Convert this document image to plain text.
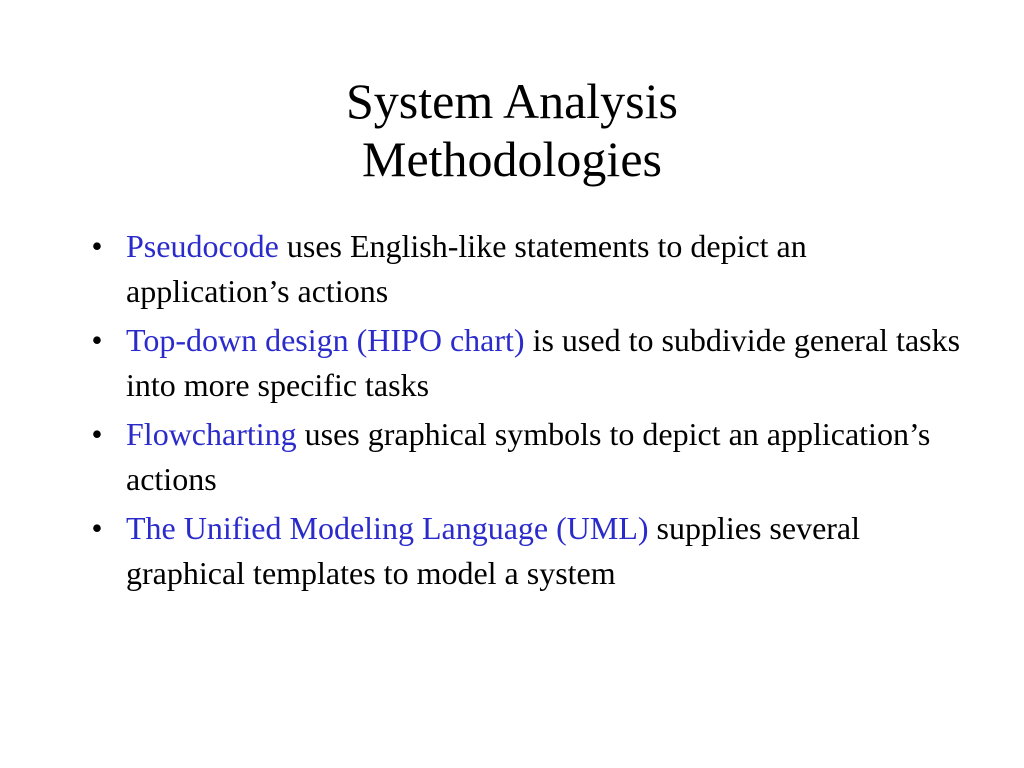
System Analysis
Methodologies
• Pseudocode uses English-like statements to depict an application’s actions
• Top-down design (HIPO chart) is used to subdivide general tasks into more specific tasks
• Flowcharting uses graphical symbols to depict an application’s actions
• The Unified Modeling Language (UML) supplies several graphical templates to model a system
